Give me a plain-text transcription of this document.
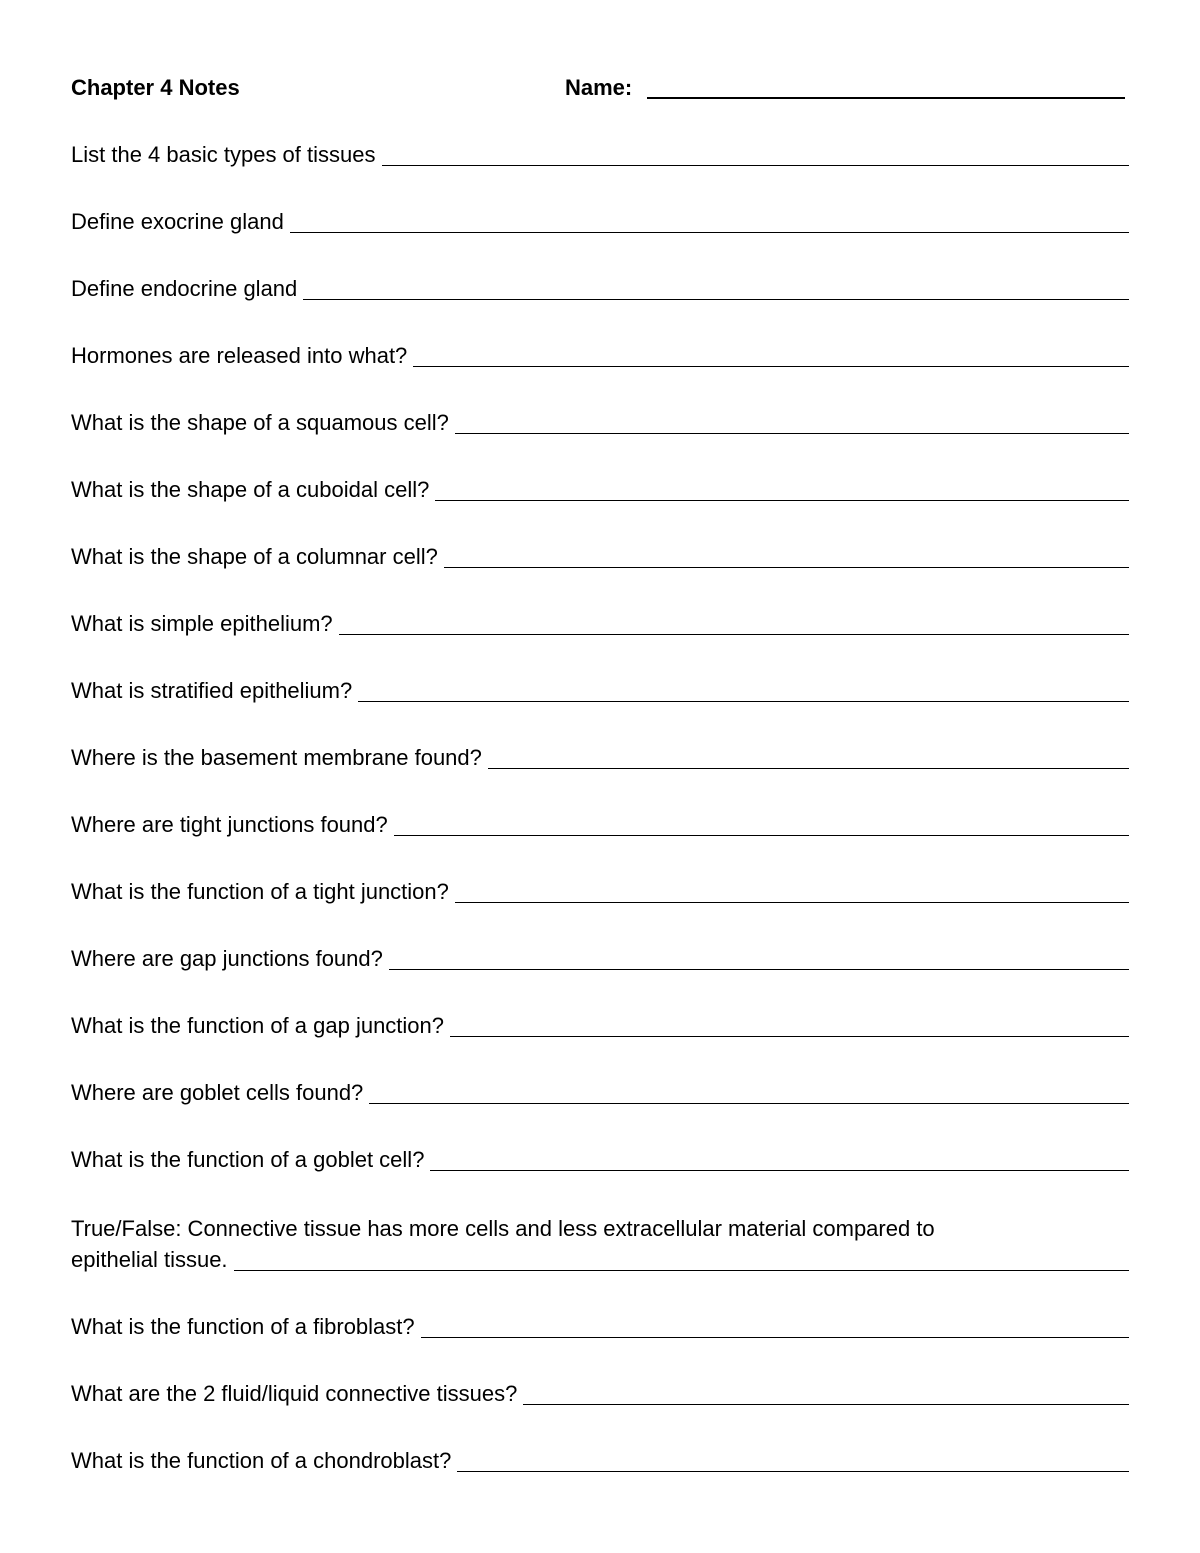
Chapter 4 Notes	Name:
List the 4 basic types of tissues
Define exocrine gland
Define endocrine gland
Hormones are released into what?
What is the shape of a squamous cell?
What is the shape of a cuboidal cell?
What is the shape of a columnar cell?
What is simple epithelium?
What is stratified epithelium?
Where is the basement membrane found?
Where are tight junctions found?
What is the function of a tight junction?
Where are gap junctions found?
What is the function of a gap junction?
Where are goblet cells found?
What is the function of a goblet cell?
True/False: Connective tissue has more cells and less extracellular material compared to
epithelial tissue.
What is the function of a fibroblast?
What are the 2 fluid/liquid connective tissues?
What is the function of a chondroblast?
